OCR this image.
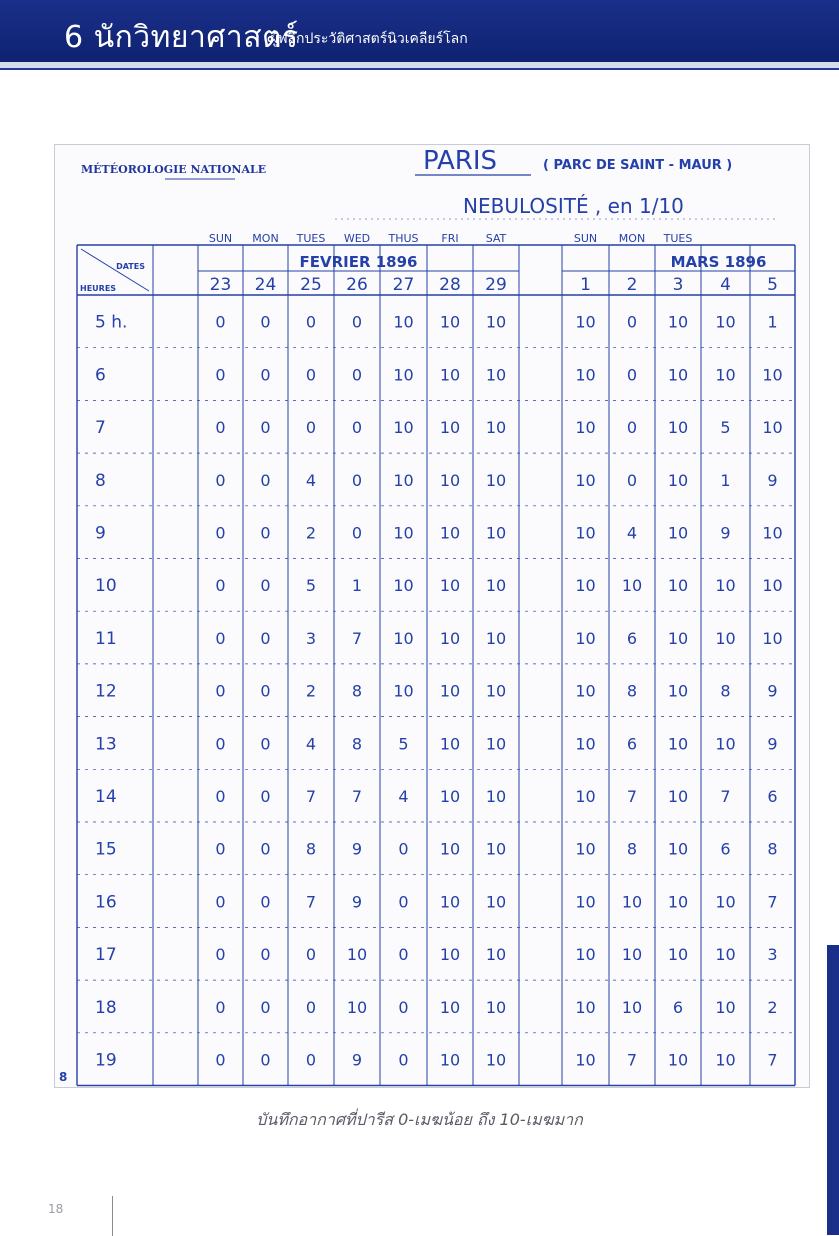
6 นักวิทยาศาสตร์
ผู้พลิกประวัติศาสตร์นิวเคลียร์โลก
MÉTÉOROLOGIE NATIONALE	PARIS	( PARC DE SAINT - MAUR )
NEBULOSITÉ , en 1/10
SUN MON TUES WED THUS FRI SAT	SUN MON TUES
DATES
HEURES
FEVRIER 1896	MARS 1896
23 24 25 26 27 28 29	1 2 3 4 5
5 h.	0 0 0 0 10 10 10	10 0 10 10 1
6	0 0 0 0 10 10 10	10 0 10 10 10
7	0 0 0 0 10 10 10	10 0 10 5 10
8	0 0 4 0 10 10 10	10 0 10 1 9
9	0 0 2 0 10 10 10	10 4 10 9 10
10	0 0 5 1 10 10 10	10 10 10 10 10
11	0 0 3 7 10 10 10	10 6 10 10 10
12	0 0 2 8 10 10 10	10 8 10 8 9
13	0 0 4 8 5 10 10	10 6 10 10 9
14	0 0 7 7 4 10 10	10 7 10 7 6
15	0 0 8 9 0 10 10	10 8 10 6 8
16	0 0 7 9 0 10 10	10 10 10 10 7
17	0 0 0 10 0 10 10	10 10 10 10 3
18	0 0 0 10 0 10 10	10 10 6 10 2
19	0 0 0 9 0 10 10	10 7 10 10 7
8
บันทึกอากาศที่ปารีส 0-เมฆน้อย ถึง 10-เมฆมาก
18
